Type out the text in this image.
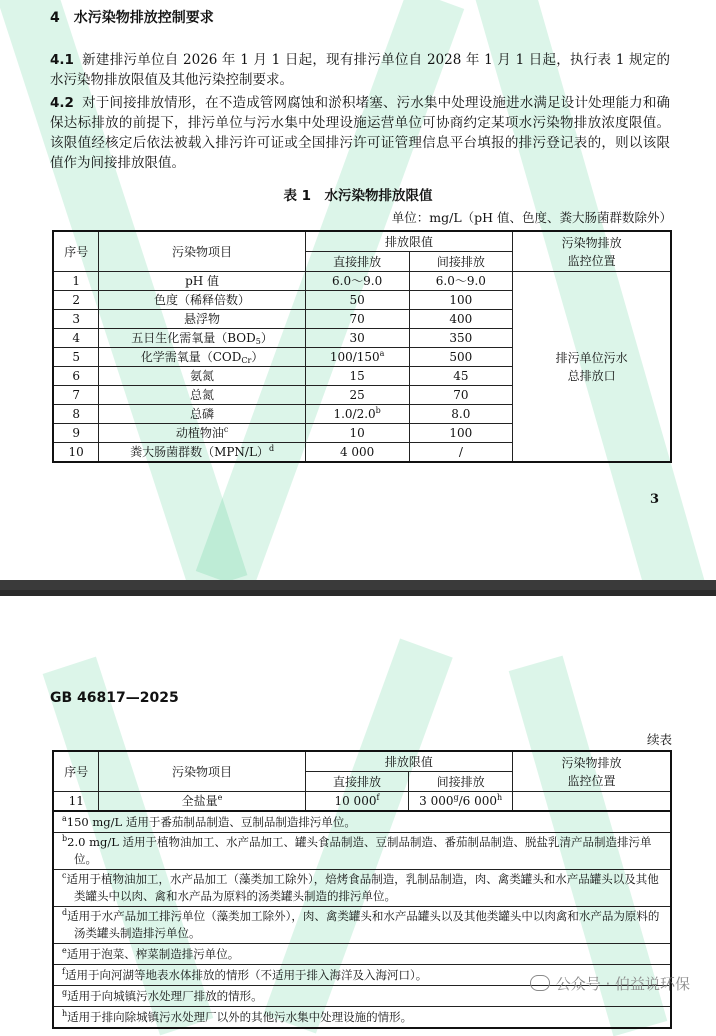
4 水污染物排放控制要求
4.1 新建排污单位自 2026 年 1 月 1 日起，现有排污单位自 2028 年 1 月 1 日起，执行表 1 规定的水污染物排放限值及其他污染控制要求。
4.2 对于间接排放情形，在不造成管网腐蚀和淤积堵塞、污水集中处理设施进水满足设计处理能力和确保达标排放的前提下，排污单位与污水集中处理设施运营单位可协商约定某项水污染物排放浓度限值。该限值经核定后依法被载入排污许可证或全国排污许可证管理信息平台填报的排污登记表的，则以该限值作为间接排放限值。
表 1　水污染物排放限值
单位：mg/L（pH 值、色度、粪大肠菌群数除外）
序号	污染物项目	排放限值		污染物排放
监控位置

		直接排放	间接排放	
1	pH 值	6.0～9.0	6.0～9.0	排污单位污水
总排放口

2	色度（稀释倍数）	50	100	
3	悬浮物	70	400	
4	五日生化需氧量$(BOD_5)$	30	350	
5	化学需氧量$(COD_{Cr})$	100/150$^a$	500	
6	氨氮	15	45	
7	总氮	25	70	
8	总磷	1.0/2.0$^b$	8.0	
9	动植物油$^c$	10	100	
10	粪大肠菌群数$(MPN/L)^d$	4 000	/	
3
GB 46817—2025
续表
序号	污染物项目	排放限值		污染物排放
监控位置

		直接排放	间接排放	
11	全盐量$^e$	10 000$^f$	3 000$^g$/6 000$^h$	

$^a$150 mg/L 适用于番茄制品制造、豆制品制造排污单位。				

$^b$2.0 mg/L 适用于植物油加工、水产品加工、罐头食品制造、豆制品制造、番茄制品制造、脱盐乳清产品制造排污单位。				

$^c$适用于植物油加工，水产品加工（藻类加工除外），焙烤食品制造，乳制品制造，肉、禽类罐头和水产品罐头以及其他类罐头中以肉、禽和水产品为原料的汤类罐头制造的排污单位。				

$^d$适用于水产品加工排污单位（藻类加工除外），肉、禽类罐头和水产品罐头以及其他类罐头中以肉禽和水产品为原料的汤类罐头制造排污单位。				

$^e$适用于泡菜、榨菜制造排污单位。				

$^f$适用于向河湖等地表水体排放的情形（不适用于排入海洋及入海河口）。				

$^g$适用于向城镇污水处理厂排放的情形。				

$^h$适用于排向除城镇污水处理厂以外的其他污水集中处理设施的情形。				
公众号 · 伯益说环保
